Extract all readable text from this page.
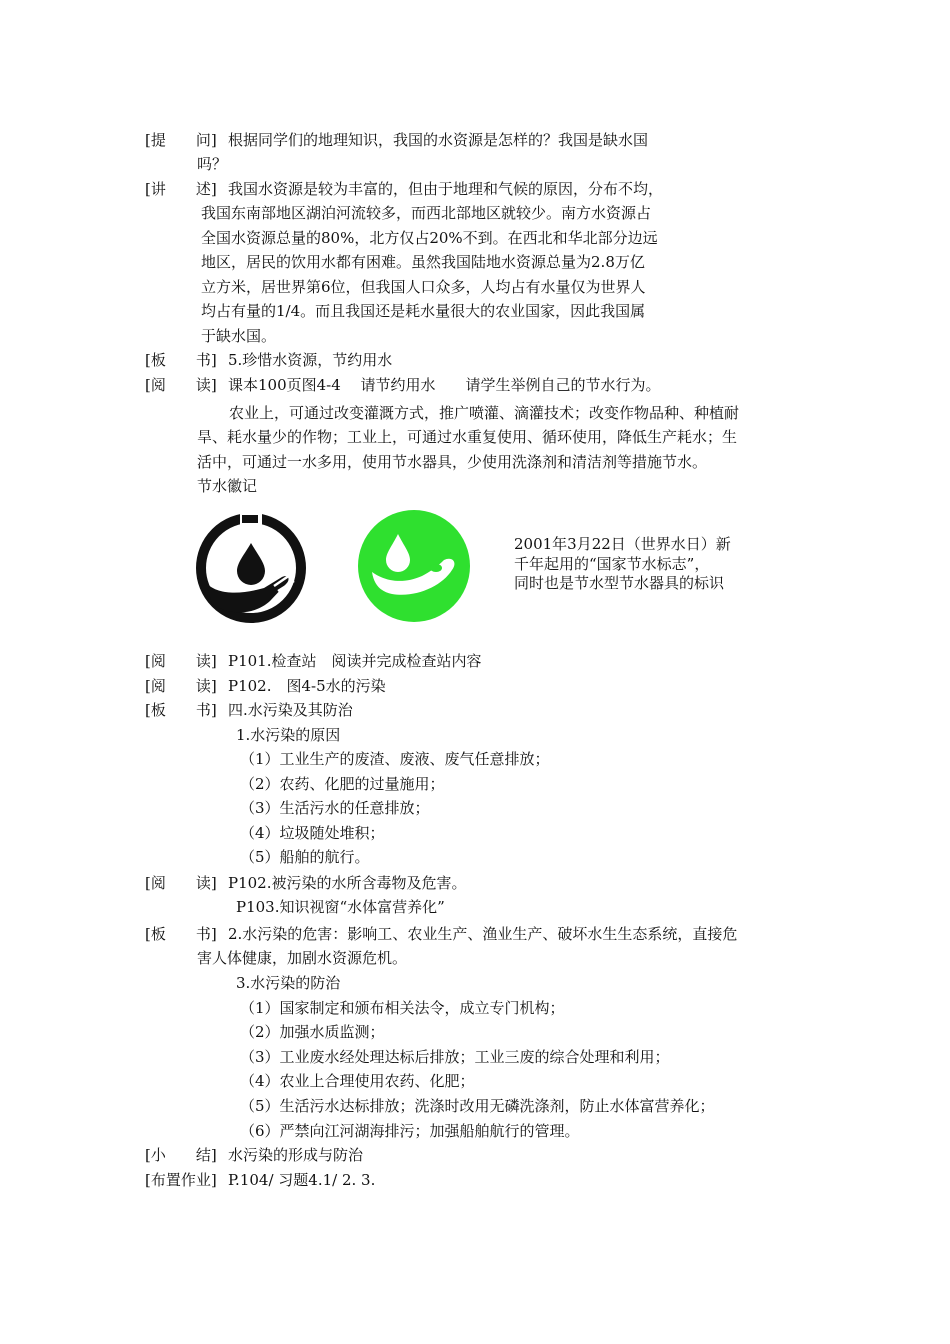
[提　　问] 根据同学们的地理知识，我国的水资源是怎样的？我国是缺水国
吗？
[讲　　述] 我国水资源是较为丰富的，但由于地理和气候的原因，分布不均，
我国东南部地区湖泊河流较多，而西北部地区就较少。南方水资源占
全国水资源总量的80%，北方仅占20%不到。在西北和华北部分边远
地区，居民的饮用水都有困难。虽然我国陆地水资源总量为2.8万亿
立方米，居世界第6位，但我国人口众多，人均占有水量仅为世界人
均占有量的1/4。而且我国还是耗水量很大的农业国家，因此我国属
于缺水国。
[板　　书] 5.珍惜水资源，节约用水
[阅　　读] 课本100页图4-4　 请节约用水　　请学生举例自己的节水行为。
农业上，可通过改变灌溉方式，推广喷灌、滴灌技术；改变作物品种、种植耐
旱、耗水量少的作物；工业上，可通过水重复使用、循环使用，降低生产耗水；生
活中，可通过一水多用，使用节水器具，少使用洗涤剂和清洁剂等措施节水。
节水徽记
2001年3月22日（世界水日）新
千年起用的“国家节水标志”，
同时也是节水型节水器具的标识
[阅　　读] P101.检查站　阅读并完成检查站内容
[阅　　读] P102.　图4-5水的污染
[板　　书] 四.水污染及其防治
1.水污染的原因
（1）工业生产的废渣、废液、废气任意排放；
（2）农药、化肥的过量施用；
（3）生活污水的任意排放；
（4）垃圾随处堆积；
（5）船舶的航行。
[阅　　读] P102.被污染的水所含毒物及危害。
P103.知识视窗“水体富营养化”
[板　　书] 2.水污染的危害：影响工、农业生产、渔业生产、破坏水生生态系统，直接危
害人体健康，加剧水资源危机。
3.水污染的防治
（1）国家制定和颁布相关法令，成立专门机构；
（2）加强水质监测；
（3）工业废水经处理达标后排放；工业三废的综合处理和利用；
（4）农业上合理使用农药、化肥；
（5）生活污水达标排放；洗涤时改用无磷洗涤剂，防止水体富营养化；
（6）严禁向江河湖海排污；加强船舶航行的管理。
[小　　结] 水污染的形成与防治
[布置作业] P.104/ 习题4.1/ 2. 3.
